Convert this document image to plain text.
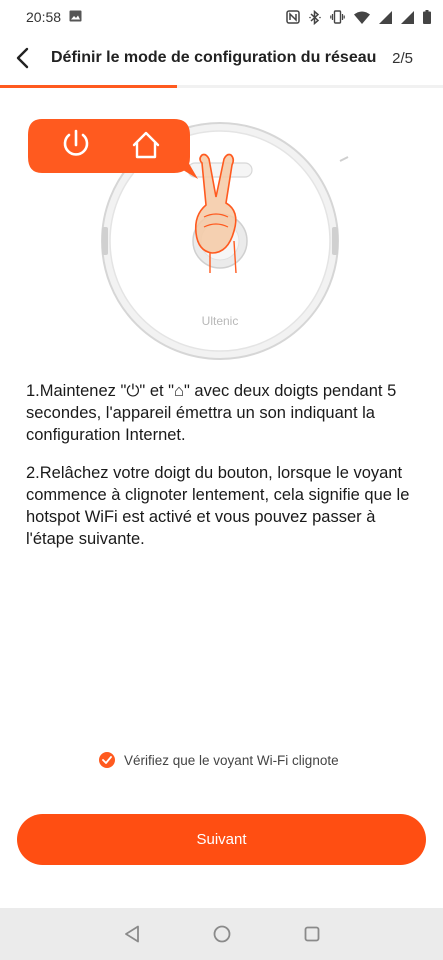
20:58
Définir le mode de configuration du réseau 2/5
Ultenic

1.Maintenez "⏻" et "⌂" avec deux doigts pendant 5 secondes, l'appareil émettra un son indiquant la configuration Internet.

2.Relâchez votre doigt du bouton, lorsque le voyant commence à clignoter lentement, cela signifie que le hotspot WiFi est activé et vous pouvez passer à l'étape suivante.

Vérifiez que le voyant Wi-Fi clignote
Suivant
